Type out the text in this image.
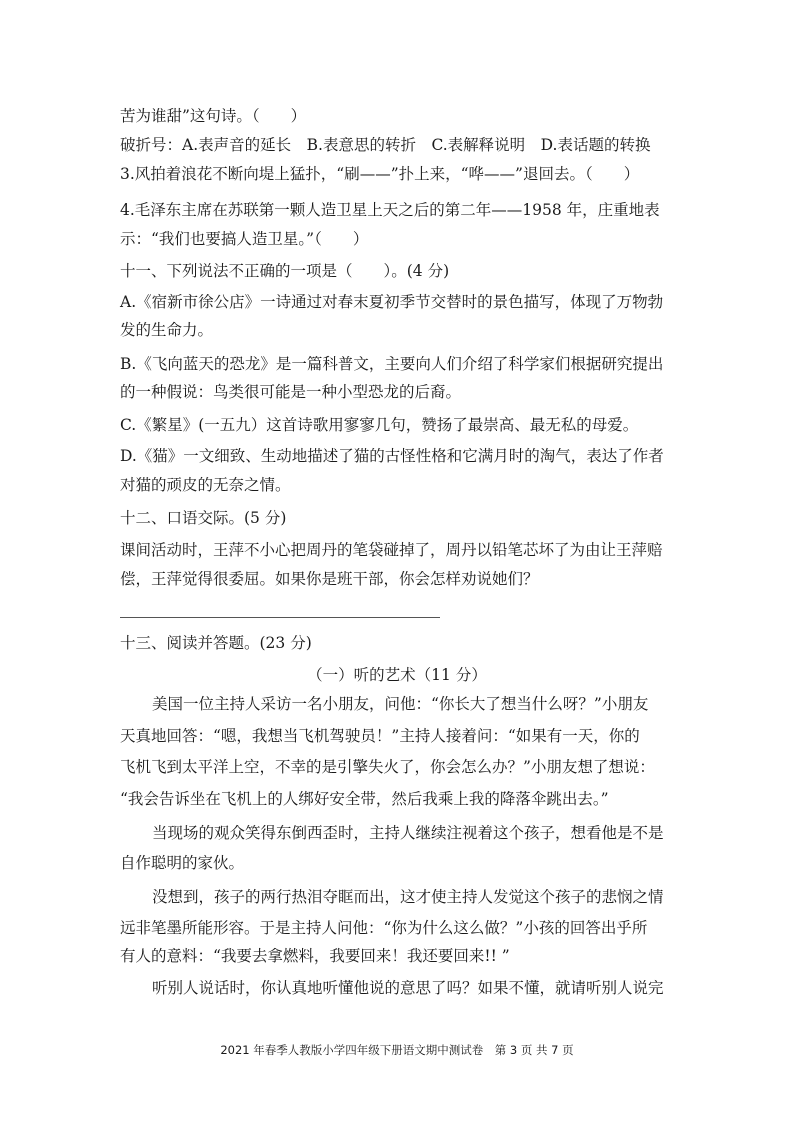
苦为谁甜”这句诗。（　　）
破折号：A.表声音的延长　B.表意思的转折　C.表解释说明　D.表话题的转换
3.风拍着浪花不断向堤上猛扑，“刷——”扑上来，“哗——”退回去。（　　）
4.毛泽东主席在苏联第一颗人造卫星上天之后的第二年——1958 年，庄重地表
示：“我们也要搞人造卫星。”（　　）
十一、下列说法不正确的一项是（　　）。(4 分)
A.《宿新市徐公店》一诗通过对春末夏初季节交替时的景色描写，体现了万物勃
发的生命力。
B.《飞向蓝天的恐龙》是一篇科普文，主要向人们介绍了科学家们根据研究提出
的一种假说：鸟类很可能是一种小型恐龙的后裔。
C.《繁星》(一五九）这首诗歌用寥寥几句，赞扬了最崇高、最无私的母爱。
D.《猫》一文细致、生动地描述了猫的古怪性格和它满月时的淘气，表达了作者
对猫的顽皮的无奈之情。
十二、口语交际。(5 分)
课间活动时，王萍不小心把周丹的笔袋碰掉了，周丹以铅笔芯坏了为由让王萍赔
偿，王萍觉得很委屈。如果你是班干部，你会怎样劝说她们？
十三、阅读并答题。(23 分)
（一）听的艺术（11 分）
美国一位主持人采访一名小朋友，问他：“你长大了想当什么呀？”小朋友
天真地回答：“嗯，我想当飞机驾驶员！”主持人接着问：“如果有一天，你的
飞机飞到太平洋上空，不幸的是引擎失火了，你会怎么办？”小朋友想了想说：
“我会告诉坐在飞机上的人绑好安全带，然后我乘上我的降落伞跳出去。”
当现场的观众笑得东倒西歪时，主持人继续注视着这个孩子，想看他是不是
自作聪明的家伙。
没想到，孩子的两行热泪夺眶而出，这才使主持人发觉这个孩子的悲悯之情
远非笔墨所能形容。于是主持人问他：“你为什么这么做？”小孩的回答出乎所
有人的意料：“我要去拿燃料，我要回来！我还要回来!! ”
听别人说话时，你认真地听懂他说的意思了吗？如果不懂，就请听别人说完
2021 年春季人教版小学四年级下册语文期中测试卷　第 3 页 共 7 页
